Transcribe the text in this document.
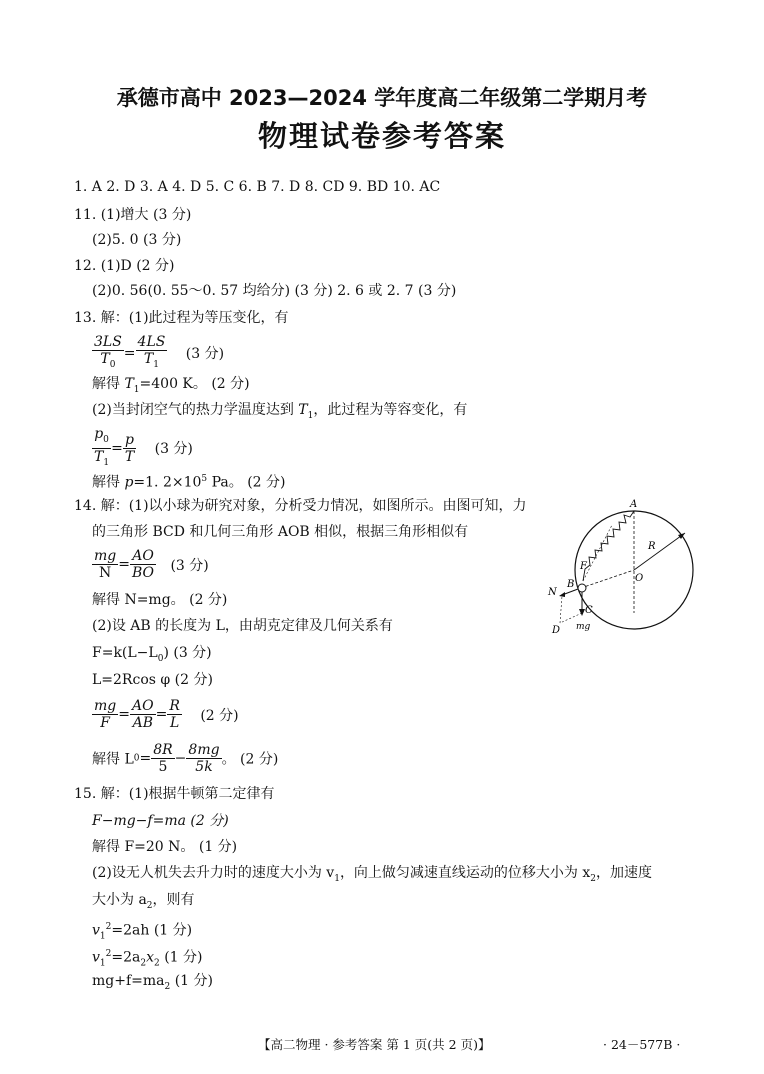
承德市高中 2023—2024 学年度高二年级第二学期月考
物理试卷参考答案
1. A 2. D 3. A 4. D 5. C 6. B 7. D 8. CD 9. BD 10. AC
11. (1)增大 (3 分)
(2)5. 0 (3 分)
12. (1)D (2 分)
(2)0. 56(0. 55～0. 57 均给分) (3 分) 2. 6 或 2. 7 (3 分)
13. 解：(1)此过程为等压变化，有
$\frac{3LS}{T_0} = \frac{4LS}{T_1} (3$ 分)
解得 $T_1=400$ K。 (2 分)
(2)当封闭空气的热力学温度达到 $T_1$，此过程为等容变化，有
$\frac{p_0}{T_1} = \frac{p}{T} (3$ 分)
解得 p=1. $2\times 10^5$ Pa。 (2 分)
14. 解：(1)以小球为研究对象，分析受力情况，如图所示。由图可知，力
的三角形 BCD 和几何三角形 AOB 相似，根据三角形相似有
$\frac{mg}{N} = \frac{AO}{BO} (3$ 分)
解得 N=mg。 (2 分)
(2)设 AB 的长度为 L，由胡克定律及几何关系有
$F=k(L-L_0)$ (3 分)
L=2Rcos φ (2 分)
$\frac{mg}{F} = \frac{AO}{AB} = \frac{R}{L} (2$ 分)
解得 $L0= \frac{8R}{5} - \frac{8mg}{5k}$ 。 (2 分)
A
R
F
O
B
N
C
D mg
15. 解：(1)根据牛顿第二定律有
F−mg−f=ma (2 分)
解得 F=20 N。 (1 分)
(2)设无人机失去升力时的速度大小为 $v_1$，向上做匀减速直线运动的位移大小为 $x_2$，加速度
大小为 $a_2$，则有
$v_1^2=2ah$ (1 分)
$v_1^2=2a_2x_2$ (1 分)
$mg+f=ma_2$ (1 分)
【高二物理 · 参考答案 第 1 页(共 2 页)】	· 24－577B ·
